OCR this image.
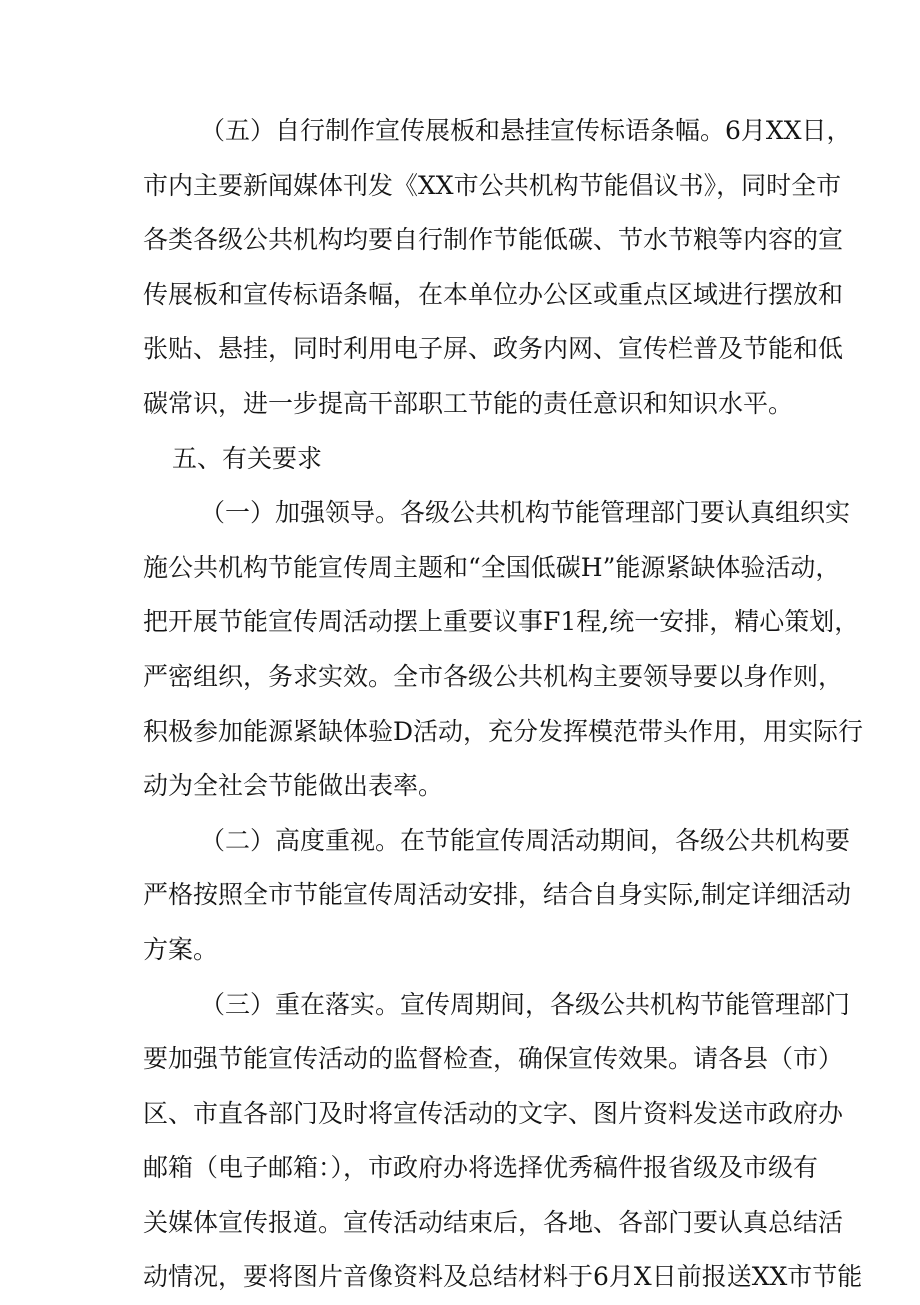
（五）自行制作宣传展板和悬挂宣传标语条幅。6月XX日，
市内主要新闻媒体刊发《XX市公共机构节能倡议书》，同时全市
各类各级公共机构均要自行制作节能低碳、节水节粮等内容的宣
传展板和宣传标语条幅，在本单位办公区或重点区域进行摆放和
张贴、悬挂，同时利用电子屏、政务内网、宣传栏普及节能和低
碳常识，进一步提高干部职工节能的责任意识和知识水平。
五、有关要求
（一）加强领导。各级公共机构节能管理部门要认真组织实
施公共机构节能宣传周主题和“全国低碳H”能源紧缺体验活动，
把开展节能宣传周活动摆上重要议事F1程,统一安排，精心策划，
严密组织，务求实效。全市各级公共机构主要领导要以身作则，
积极参加能源紧缺体验D活动，充分发挥模范带头作用，用实际行
动为全社会节能做出表率。
（二）高度重视。在节能宣传周活动期间，各级公共机构要
严格按照全市节能宣传周活动安排，结合自身实际,制定详细活动
方案。
（三）重在落实。宣传周期间，各级公共机构节能管理部门
要加强节能宣传活动的监督检查，确保宣传效果。请各县（市）
区、市直各部门及时将宣传活动的文字、图片资料发送市政府办
邮箱（电子邮箱：），市政府办将选择优秀稿件报省级及市级有
关媒体宣传报道。宣传活动结束后，各地、各部门要认真总结活
动情况，要将图片音像资料及总结材料于6月X日前报送XX市节能
